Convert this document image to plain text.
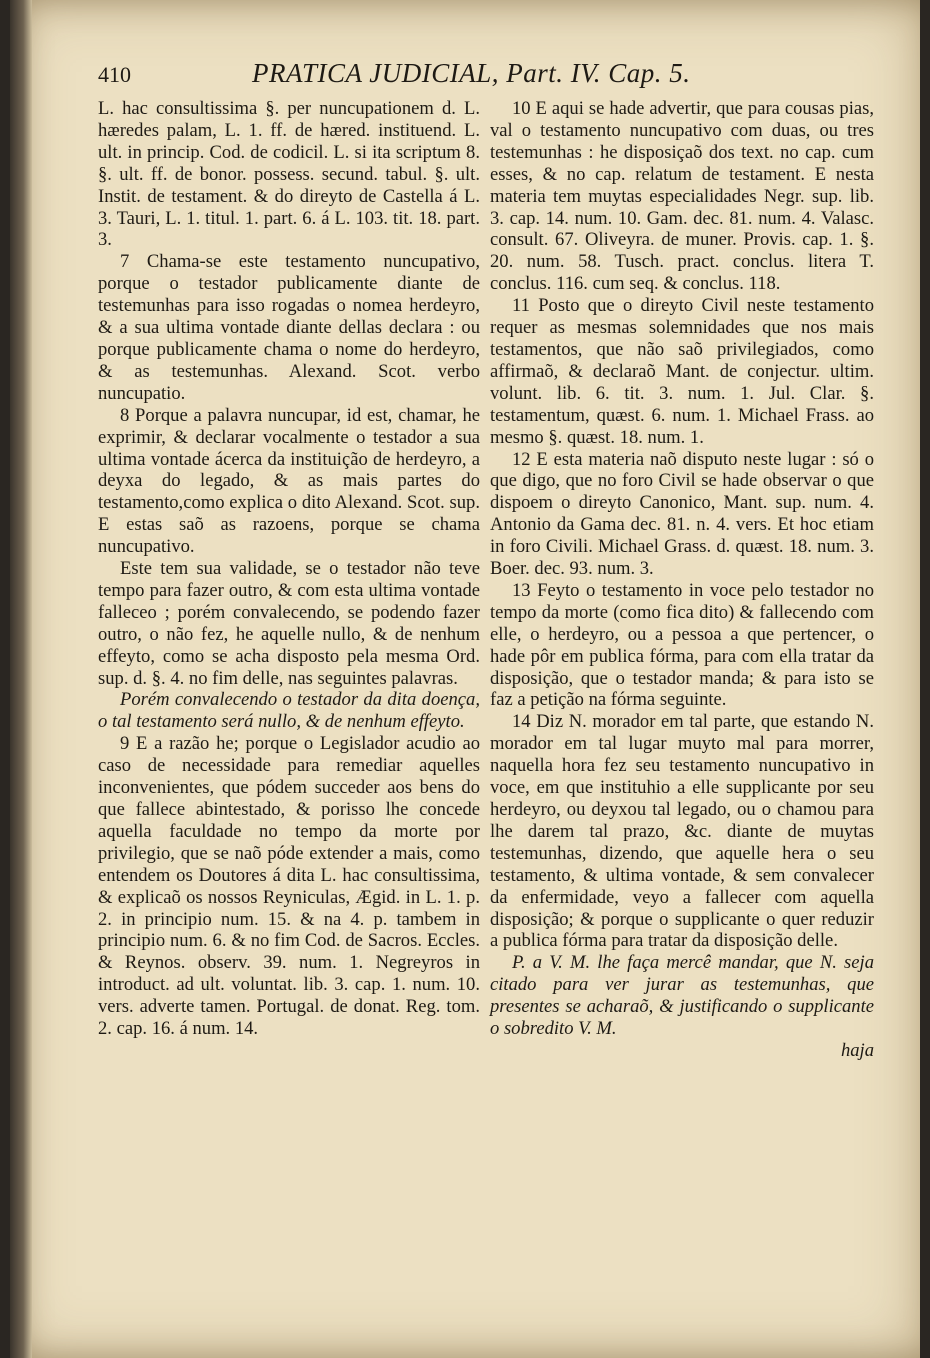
410	PRATICA JUDICIAL, Part. IV. Cap. 5.

L. hac consultissima §. per nuncupationem d. L. hæredes palam, L. 1. ff. de hæred. instituend. L. ult. in princip. Cod. de codicil. L. si ita scriptum 8. §. ult. ff. de bonor. possess. secund. tabul. §. ult. Instit. de testament. & do direyto de Castella á L. 3. Tauri, L. 1. titul. 1. part. 6. á L. 103. tit. 18. part. 3.

7 Chama-se este testamento nuncupativo, porque o testador publicamente diante de testemunhas para isso rogadas o nomea herdeyro, & a sua ultima vontade diante dellas declara : ou porque publicamente chama o nome do herdeyro, & as testemunhas. Alexand. Scot. verbo nuncupatio.

8 Porque a palavra nuncupar, id est, chamar, he exprimir, & declarar vocalmente o testador a sua ultima vontade ácerca da instituição de herdeyro, a deyxa do legado, & as mais partes do testamento,como explica o dito Alexand. Scot. sup. E estas saõ as razoens, porque se chama nuncupativo.

Este tem sua validade, se o testador não teve tempo para fazer outro, & com esta ultima vontade falleceo ; porém convalecendo, se podendo fazer outro, o não fez, he aquelle nullo, & de nenhum effeyto, como se acha disposto pela mesma Ord. sup. d. §. 4. no fim delle, nas seguintes palavras.

Porém convalecendo o testador da dita doença, o tal testamento será nullo, & de nenhum effeyto.

9 E a razão he; porque o Legislador acudio ao caso de necessidade para remediar aquelles inconvenientes, que pódem succeder aos bens do que fallece abintestado, & porisso lhe concede aquella faculdade no tempo da morte por privilegio, que se naõ póde extender a mais, como entendem os Doutores á dita L. hac consultissima, & explicaõ os nossos Reyniculas, Ægid. in L. 1. p. 2. in principio num. 15. & na 4. p. tambem in principio num. 6. & no fim Cod. de Sacros. Eccles. & Reynos. observ. 39. num. 1. Negreyros in introduct. ad ult. voluntat. lib. 3. cap. 1. num. 10. vers. adverte tamen. Portugal. de donat. Reg. tom. 2. cap. 16. á num. 14.

10 E aqui se hade advertir, que para cousas pias, val o testamento nuncupativo com duas, ou tres testemunhas : he disposiçaõ dos text. no cap. cum esses, & no cap. relatum de testament. E nesta materia tem muytas especialidades Negr. sup. lib. 3. cap. 14. num. 10. Gam. dec. 81. num. 4. Valasc. consult. 67. Oliveyra. de muner. Provis. cap. 1. §. 20. num. 58. Tusch. pract. conclus. litera T. conclus. 116. cum seq. & conclus. 118.

11 Posto que o direyto Civil neste testamento requer as mesmas solemnidades que nos mais testamentos, que não saõ privilegiados, como affirmaõ, & declaraõ Mant. de conjectur. ultim. volunt. lib. 6. tit. 3. num. 1. Jul. Clar. §. testamentum, quæst. 6. num. 1. Michael Frass. ao mesmo §. quæst. 18. num. 1.

12 E esta materia naõ disputo neste lugar : só o que digo, que no foro Civil se hade observar o que dispoem o direyto Canonico, Mant. sup. num. 4. Antonio da Gama dec. 81. n. 4. vers. Et hoc etiam in foro Civili. Michael Grass. d. quæst. 18. num. 3. Boer. dec. 93. num. 3.

13 Feyto o testamento in voce pelo testador no tempo da morte (como fica dito) & fallecendo com elle, o herdeyro, ou a pessoa a que pertencer, o hade pôr em publica fórma, para com ella tratar da disposição, que o testador manda; & para isto se faz a petição na fórma seguinte.

14 Diz N. morador em tal parte, que estando N. morador em tal lugar muyto mal para morrer, naquella hora fez seu testamento nuncupativo in voce, em que instituhio a elle supplicante por seu herdeyro, ou deyxou tal legado, ou o chamou para lhe darem tal prazo, &c. diante de muytas testemunhas, dizendo, que aquelle hera o seu testamento, & ultima vontade, & sem convalecer da enfermidade, veyo a fallecer com aquella disposição; & porque o supplicante o quer reduzir a publica fórma para tratar da disposição delle.

P. a V. M. lhe faça mercê mandar, que N. seja citado para ver jurar as testemunhas, que presentes se acharaõ, & justificando o supplicante o sobredito V. M.

haja
